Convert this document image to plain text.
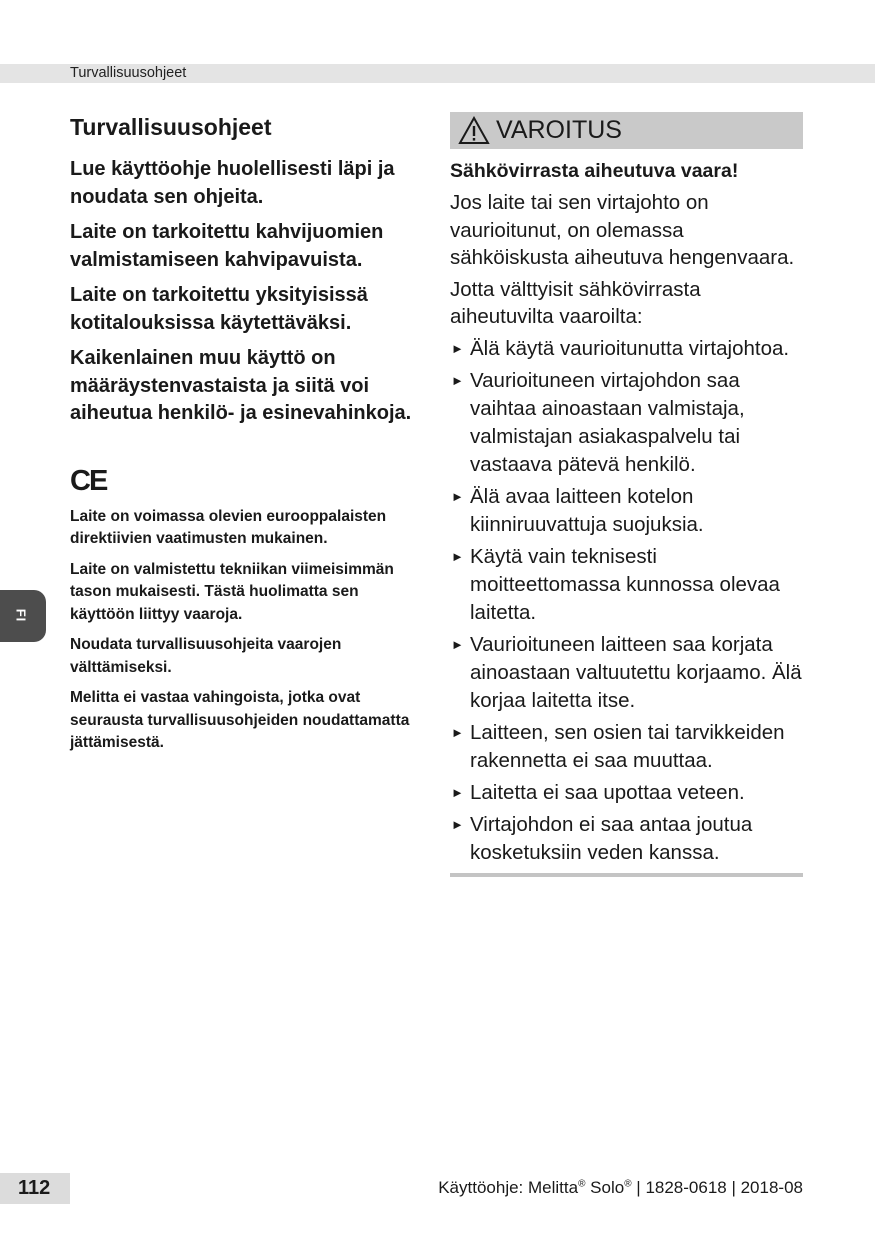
Turvallisuusohjeet
FI
Turvallisuusohjeet

Lue käyttöohje huolellisesti läpi ja noudata sen ohjeita.

Laite on tarkoitettu kahvijuomien valmistamiseen kahvipavuista.

Laite on tarkoitettu yksityisissä kotitalouksissa käytettäväksi.

Kaikenlainen muu käyttö on määräystenvastaista ja siitä voi aiheutua henkilö- ja esinevahinkoja.

CE

Laite on voimassa olevien eurooppalaisten direktiivien vaatimusten mukainen.

Laite on valmistettu tekniikan viimeisimmän tason mukaisesti. Tästä huolimatta sen käyttöön liittyy vaaroja.

Noudata turvallisuusohjeita vaarojen välttämiseksi.

Melitta ei vastaa vahingoista, jotka ovat seurausta turvallisuusohjeiden noudattamatta jättämisestä.

VAROITUS

Sähkövirrasta aiheutuva vaara!

Jos laite tai sen virtajohto on vaurioitunut, on olemassa sähköiskusta aiheutuva hengenvaara.

Jotta välttyisit sähkövirrasta aiheutuvilta vaaroilta:

► Älä käytä vaurioitunutta virtajohtoa.
► Vaurioituneen virtajohdon saa vaihtaa ainoastaan valmistaja, valmistajan asiakaspalvelu tai vastaava pätevä henkilö.
► Älä avaa laitteen kotelon kiinniruuvattuja suojuksia.
► Käytä vain teknisesti moitteettomassa kunnossa olevaa laitetta.
► Vaurioituneen laitteen saa korjata ainoastaan valtuutettu korjaamo. Älä korjaa laitetta itse.
► Laitteen, sen osien tai tarvikkeiden rakennetta ei saa muuttaa.
► Laitetta ei saa upottaa veteen.
► Virtajohdon ei saa antaa joutua kosketuksiin veden kanssa.
112	Käyttöohje: Melitta® Solo® | 1828-0618 | 2018-08
